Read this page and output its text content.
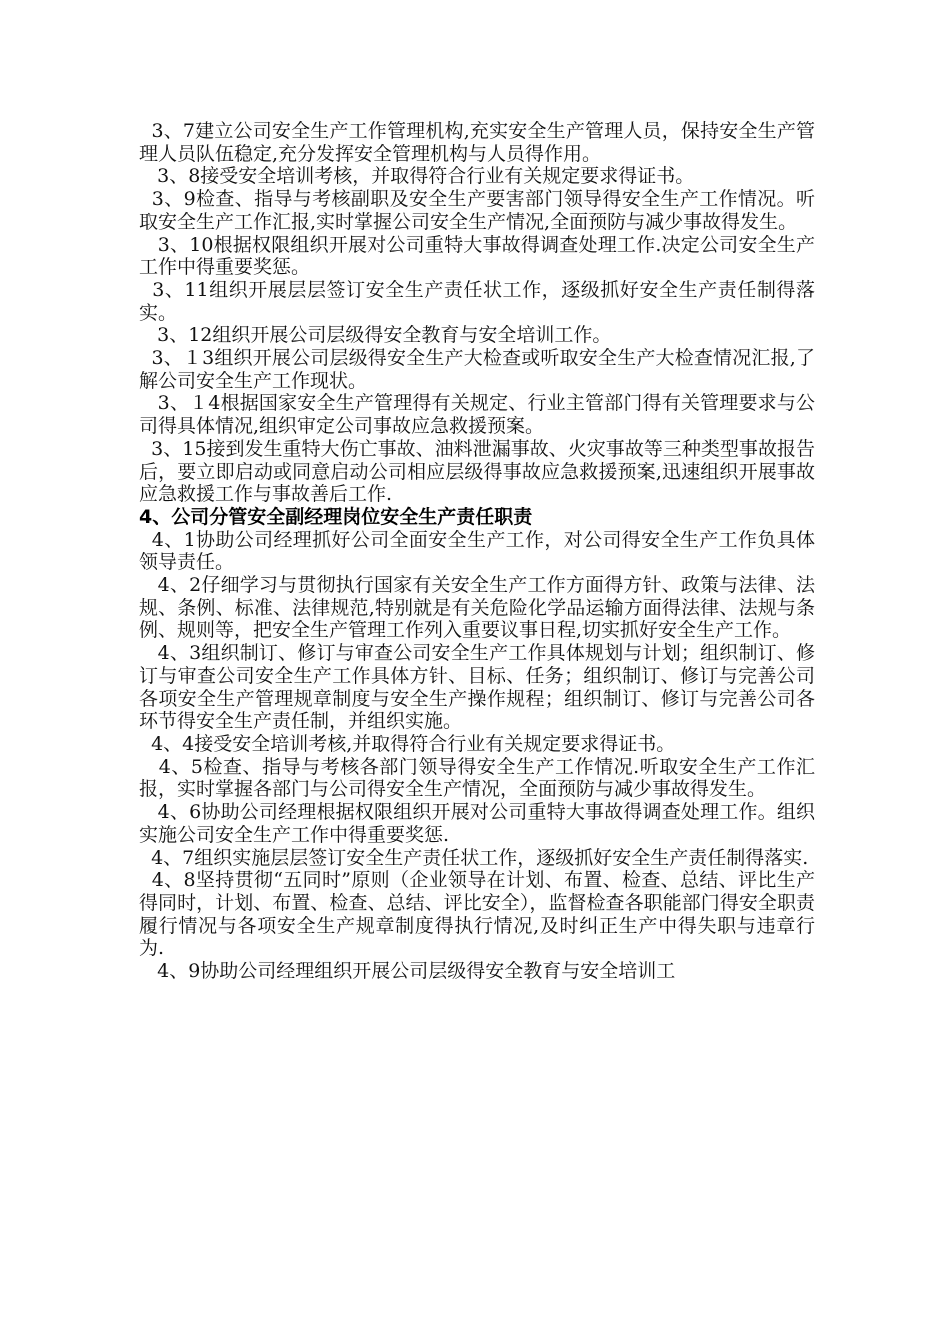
3、7建立公司安全生产工作管理机构,充实安全生产管理人员，保持安全生产管理人员队伍稳定,充分发挥安全管理机构与人员得作用。

3、8接受安全培训考核，并取得符合行业有关规定要求得证书。

3、9检查、指导与考核副职及安全生产要害部门领导得安全生产工作情况。听取安全生产工作汇报,实时掌握公司安全生产情况,全面预防与减少事故得发生。

3、10根据权限组织开展对公司重特大事故得调查处理工作.决定公司安全生产工作中得重要奖惩。

3、11组织开展层层签订安全生产责任状工作，逐级抓好安全生产责任制得落实。

3、12组织开展公司层级得安全教育与安全培训工作。

3、１3组织开展公司层级得安全生产大检查或听取安全生产大检查情况汇报,了解公司安全生产工作现状。

3、１4根据国家安全生产管理得有关规定、行业主管部门得有关管理要求与公司得具体情况,组织审定公司事故应急救援预案。

3、15接到发生重特大伤亡事故、油料泄漏事故、火灾事故等三种类型事故报告后，要立即启动或同意启动公司相应层级得事故应急救援预案,迅速组织开展事故应急救援工作与事故善后工作.

4、公司分管安全副经理岗位安全生产责任职责

4、1协助公司经理抓好公司全面安全生产工作，对公司得安全生产工作负具体领导责任。

4、2仔细学习与贯彻执行国家有关安全生产工作方面得方针、政策与法律、法规、条例、标准、法律规范,特别就是有关危险化学品运输方面得法律、法规与条例、规则等，把安全生产管理工作列入重要议事日程,切实抓好安全生产工作。

4、3组织制订、修订与审查公司安全生产工作具体规划与计划；组织制订、修订与审查公司安全生产工作具体方针、目标、任务；组织制订、修订与完善公司各项安全生产管理规章制度与安全生产操作规程；组织制订、修订与完善公司各环节得安全生产责任制，并组织实施。

4、4接受安全培训考核,并取得符合行业有关规定要求得证书。

4、5检查、指导与考核各部门领导得安全生产工作情况.听取安全生产工作汇报，实时掌握各部门与公司得安全生产情况，全面预防与减少事故得发生。

4、6协助公司经理根据权限组织开展对公司重特大事故得调查处理工作。组织实施公司安全生产工作中得重要奖惩.

4、7组织实施层层签订安全生产责任状工作，逐级抓好安全生产责任制得落实.

4、8坚持贯彻“五同时”原则（企业领导在计划、布置、检查、总结、评比生产得同时，计划、布置、检查、总结、评比安全），监督检查各职能部门得安全职责履行情况与各项安全生产规章制度得执行情况,及时纠正生产中得失职与违章行为.

4、9协助公司经理组织开展公司层级得安全教育与安全培训工
